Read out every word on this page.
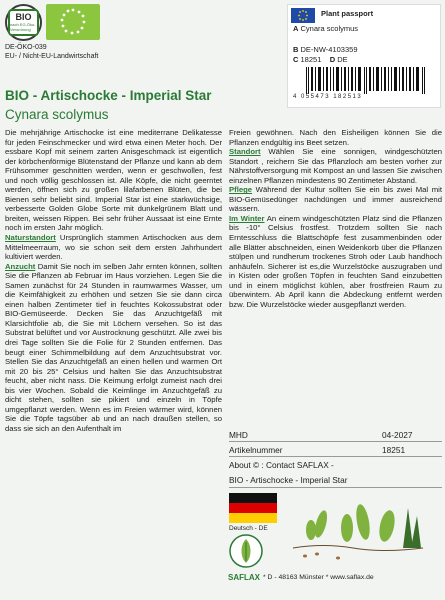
BIO
nach EG-Öko-Verordnung
DE-ÖKO-039
EU- / Nicht-EU-Landwirtschaft
Plant passport
A Cynara scolymus
B DE-NW-4103359
C 18251 D DE
4 055473 182513
BIO - Artischocke - Imperial Star
Cynara scolymus

Die mehrjährige Artischocke ist eine mediterrane Delikatesse für jeden Feinschmecker und wird etwa einen Meter hoch. Der essbare Kopf mit seinem zarten Anisgeschmack ist eigentlich der körbchenförmige Blütenstand der Pflanze und kann ab dem Frühsommer geschnitten werden, wenn er geschwollen, fest und noch völlig geschlossen ist. Alle Köpfe, die nicht geerntet werden, öffnen sich zu großen lilafarbenen Blüten, die bei Bienen sehr beliebt sind. Imperial Star ist eine starkwüchsige, verbesserte Golden Globe Sorte mit dunkelgrünem Blatt und breiten, weissen Rippen. Bei sehr früher Aussaat ist eine Ernte noch im ersten Jahr möglich.

Naturstandort Ursprünglich stammen Artischocken aus dem Mittelmeerraum, wo sie schon seit dem ersten Jahrhundert kultiviert werden.

Anzucht Damit Sie noch im selben Jahr ernten können, sollten Sie die Pflanzen ab Februar im Haus vorziehen. Legen Sie die Samen zunächst für 24 Stunden in raumwarmes Wasser, um die Keimfähigkeit zu erhöhen und setzen Sie sie dann circa einen halben Zentimeter tief in feuchtes Kokossubstrat oder BIO-Gemüseerde. Decken Sie das Anzuchtgefäß mit Klarsichtfolie ab, die Sie mit Löchern versehen. So ist das Substrat belüftet und vor Austrocknung geschützt. Alle zwei bis drei Tage sollten Sie die Folie für 2 Stunden entfernen. Das beugt einer Schimmelbildung auf dem Anzuchtsubstrat vor. Stellen Sie das Anzuchtgefäß an einen hellen und warmen Ort mit 20 bis 25° Celsius und halten Sie das Anzuchtsubstrat feucht, aber nicht nass. Die Keimung erfolgt zumeist nach drei bis vier Wochen. Sobald die Keimlinge im Anzuchtgefäß zu dicht stehen, sollten sie pikiert und einzeln in Töpfe umgepflanzt werden. Wenn es im Freien wärmer wird, können Sie die Töpfe tagsüber ab und an nach draußen stellen, so dass sie sich an den Aufenthalt im

Freien gewöhnen. Nach den Eisheiligen können Sie die Pflanzen endgültig ins Beet setzen.

Standort Wählen Sie eine sonnigen, windgeschützten Standort , reichern Sie das Pflanzloch am besten vorher zur Nährstoffversorgung mit Kompost an und lassen Sie zwischen einzelnen Pflanzen mindestens 90 Zentimeter Abstand.

Pflege Während der Kultur sollten Sie ein bis zwei Mal mit BIO-Gemüsedünger nachdüngen und immer ausreichend wässern.

Im Winter An einem windgeschützten Platz sind die Pflanzen bis -10° Celsius frostfest. Trotzdem sollten Sie nach Erntesschluss die Blattschöpfe fest zusammenbinden oder alle Blätter abschneiden, einen Weidenkorb über die Pflanzen stülpen und rundherum trockenes Stroh oder Laub handhoch anhäufeln. Sicherer ist es,die Wurzelstöcke auszugraben und in Kisten oder großen Töpfen in feuchten Sand einzubetten und in einem möglichst kühlen, aber frostfreien Raum zu überwintern. Ab April kann die Abdeckung entfernt werden bzw. Die Wurzelstöcke wieder ausgepflanzt werden.

MHD	04-2027
Artikelnummer	18251
About © : Contact SAFLAX -
BIO - Artischocke - Imperial Star
Deutsch - DE
SAFLAX * D - 48163 Münster * www.saflax.de
